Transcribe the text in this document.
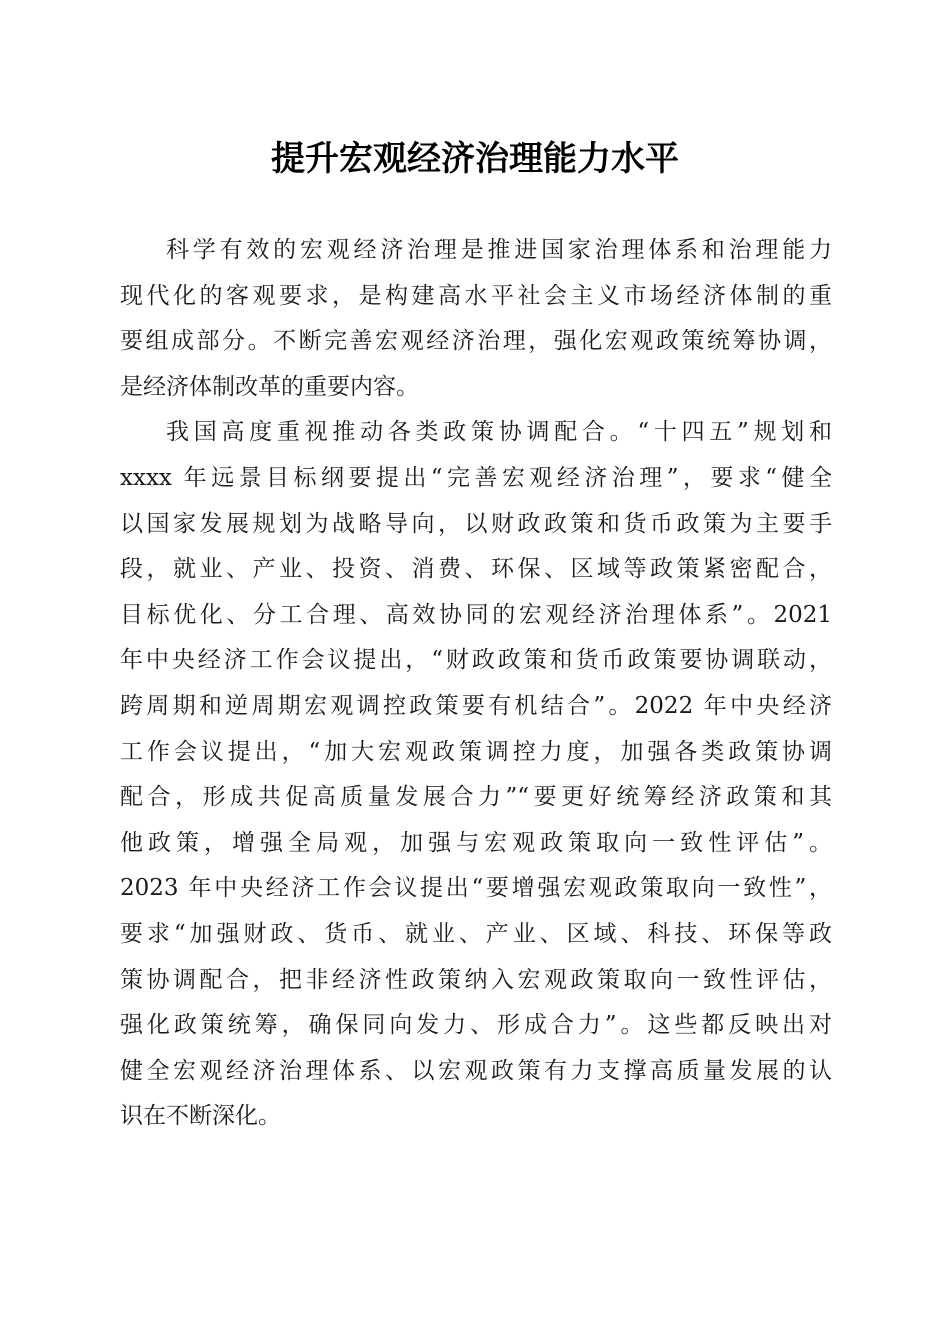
提升宏观经济治理能力水平
科学有效的宏观经济治理是推进国家治理体系和治理能力
现代化的客观要求，是构建高水平社会主义市场经济体制的重
要组成部分。不断完善宏观经济治理，强化宏观政策统筹协调，
是经济体制改革的重要内容。
我国高度重视推动各类政策协调配合。“十四五”规划和
xxxx 年远景目标纲要提出“完善宏观经济治理”，要求“健全
以国家发展规划为战略导向，以财政政策和货币政策为主要手
段，就业、产业、投资、消费、环保、区域等政策紧密配合，
目标优化、分工合理、高效协同的宏观经济治理体系”。2021
年中央经济工作会议提出，“财政政策和货币政策要协调联动，
跨周期和逆周期宏观调控政策要有机结合”。2022 年中央经济
工作会议提出，“加大宏观政策调控力度，加强各类政策协调
配合，形成共促高质量发展合力”“要更好统筹经济政策和其
他政策，增强全局观，加强与宏观政策取向一致性评估”。
2023 年中央经济工作会议提出“要增强宏观政策取向一致性”，
要求“加强财政、货币、就业、产业、区域、科技、环保等政
策协调配合，把非经济性政策纳入宏观政策取向一致性评估，
强化政策统筹，确保同向发力、形成合力”。这些都反映出对
健全宏观经济治理体系、以宏观政策有力支撑高质量发展的认
识在不断深化。
